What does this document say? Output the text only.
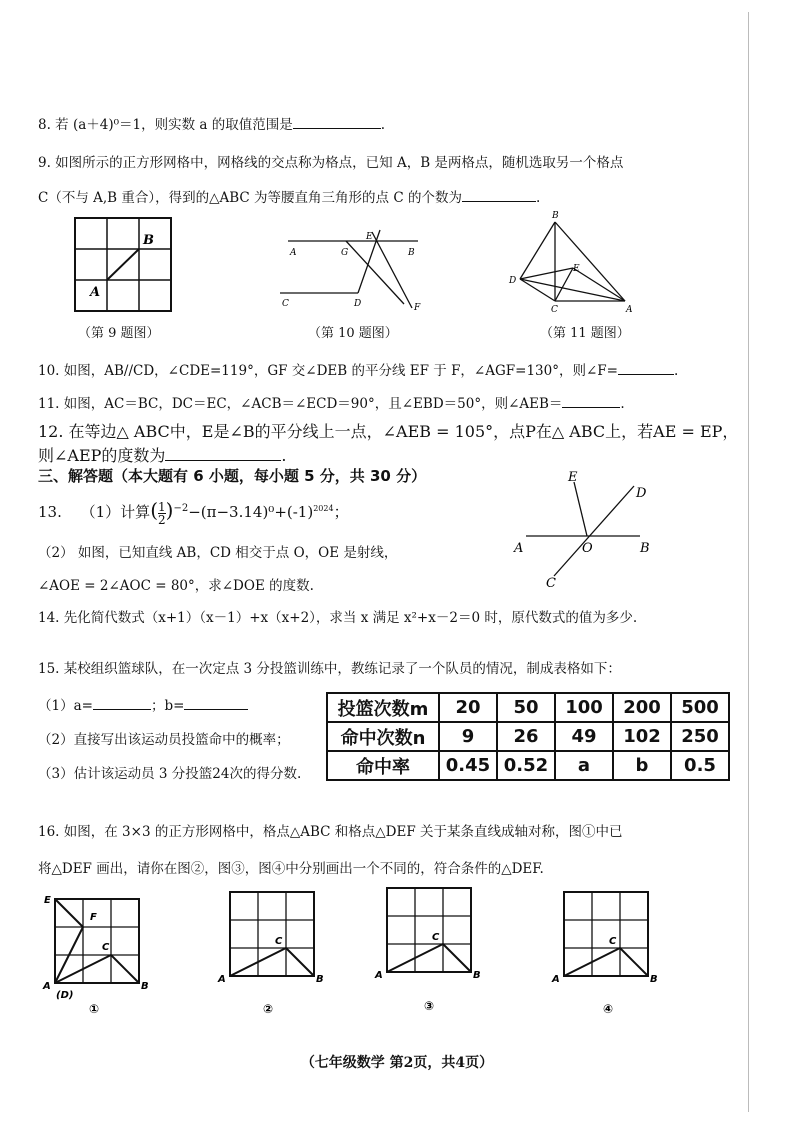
8. 若 (a＋4)⁰＝1，则实数 a 的取值范围是	.
9. 如图所示的正方形网格中，网格线的交点称为格点，已知 A，B 是两格点，随机选取另一个格点
C（不与 A,B 重合），得到的△ABC 为等腰直角三角形的点 C 的个数为	.
B
A
（第 9 题图）
A	G
E
B
C	D	F
（第 10 题图）
B
E
D
C	A
（第 11 题图）
10. 如图，AB//CD，∠CDE=119°，GF 交∠DEB 的平分线 EF 于 F，∠AGF=130°，则∠F=	.
11. 如图，AC＝BC，DC＝EC，∠ACB＝∠ECD＝90°，且∠EBD＝50°，则∠AEB＝	.
12. 在等边△ ABC中，E是∠B的平分线上一点，∠AEB = 105°，点P在△ ABC上，若AE = EP，
则∠AEP的度数为	.
三、解答题（本大题有 6 小题，每小题 5 分，共 30 分）
13. （1）计算( $\frac{1}{2} )^{-2}-(\pi-3.14)^0+(-1)^{2024}$；
（2） 如图，已知直线 AB，CD 相交于点 O，OE 是射线，
∠AOE = 2∠AOC = 80°，求∠DOE 的度数.
E
D
A	O	B
C
14. 先化简代数式（x+1）（x－1）+x（x+2），求当 x 满足 x²+x－2＝0 时，原代数式的值为多少.
15. 某校组织篮球队，在一次定点 3 分投篮训练中，教练记录了一个队员的情况，制成表格如下：
（1）a=	；b=
（2）直接写出该运动员投篮命中的概率；
（3）估计该运动员 3 分投篮24次的得分数.
投篮次数m	20	50	100	200	500
命中次数n	9	26	49	102	250
命中率	0.45	0.52	a	b	0.5
16. 如图，在 3×3 的正方形网格中，格点△ABC 和格点△DEF 关于某条直线成轴对称，图①中已
将△DEF 画出，请你在图②，图③，图④中分别画出一个不同的，符合条件的△DEF.
E
F
C
A
(D)
B
①
C
A	B
②
C
A	B
③
C
A	B
④
（七年级数学 第2页，共4页）
